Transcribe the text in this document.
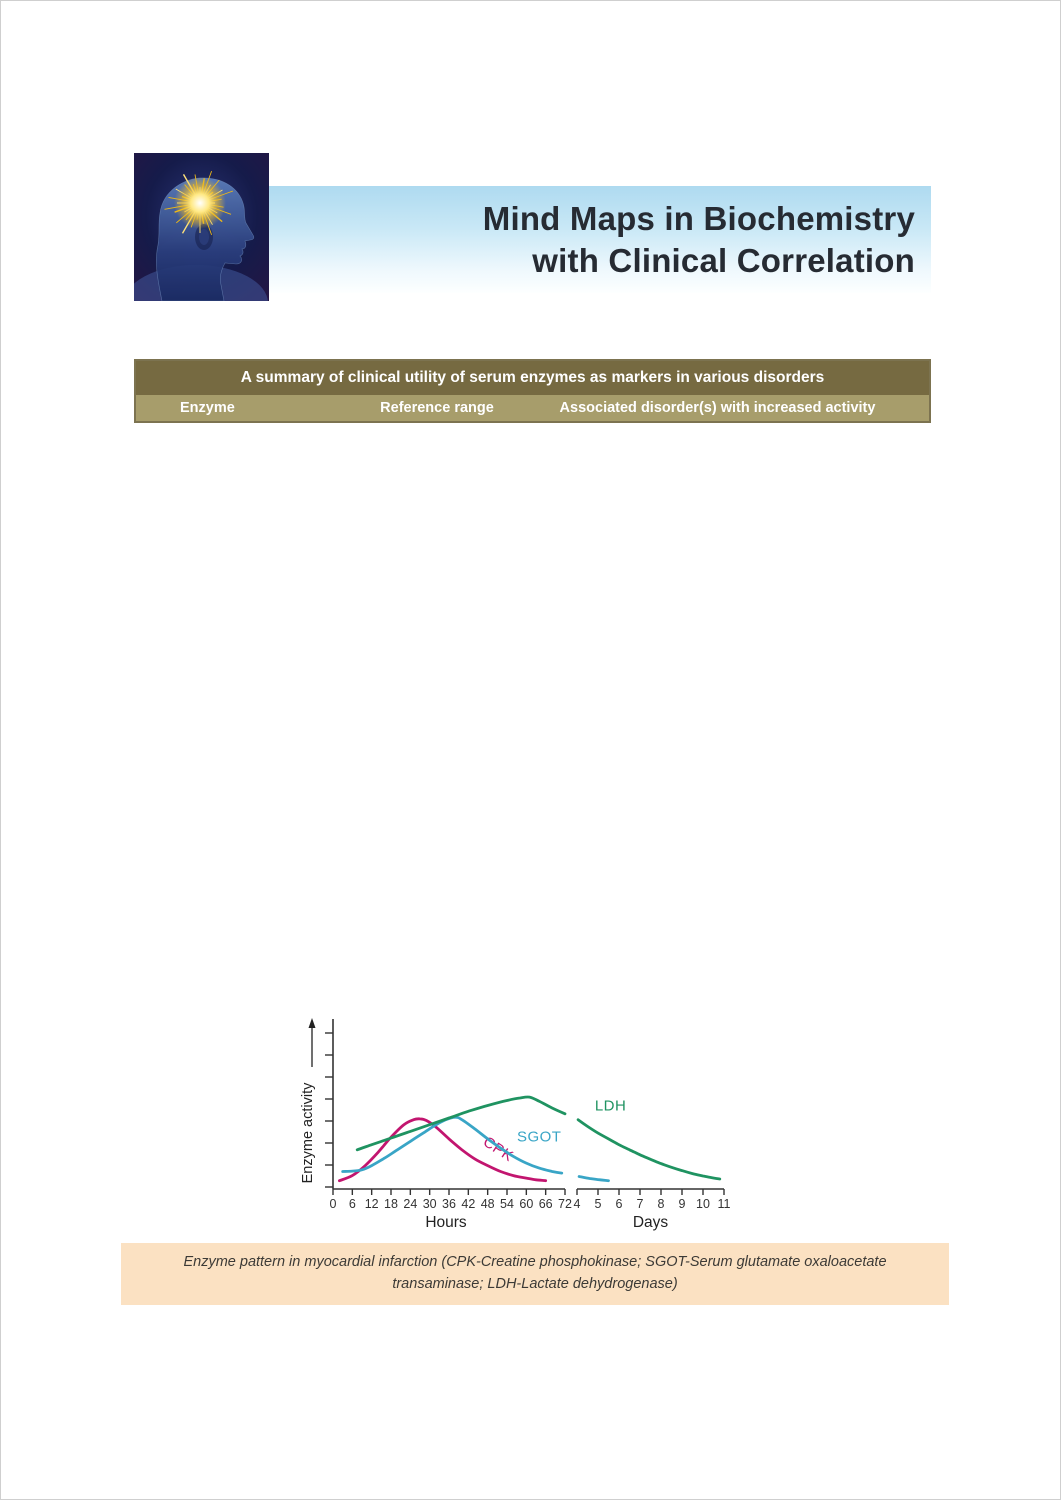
Mind Maps in Biochemistry
with Clinical Correlation
A summary of clinical utility of serum enzymes as markers in various disorders
Enzyme	Reference range	Associated disorder(s) with increased activity
Enzyme activity
0 6 12 18 24 30 36 42 48 54 60 66 72
Hours
4 5 6 7 8 9 10 11
Days
CPK SGOT
LDH
Enzyme pattern in myocardial infarction (CPK-Creatine phosphokinase; SGOT-Serum glutamate oxaloacetate transaminase; LDH-Lactate dehydrogenase)
